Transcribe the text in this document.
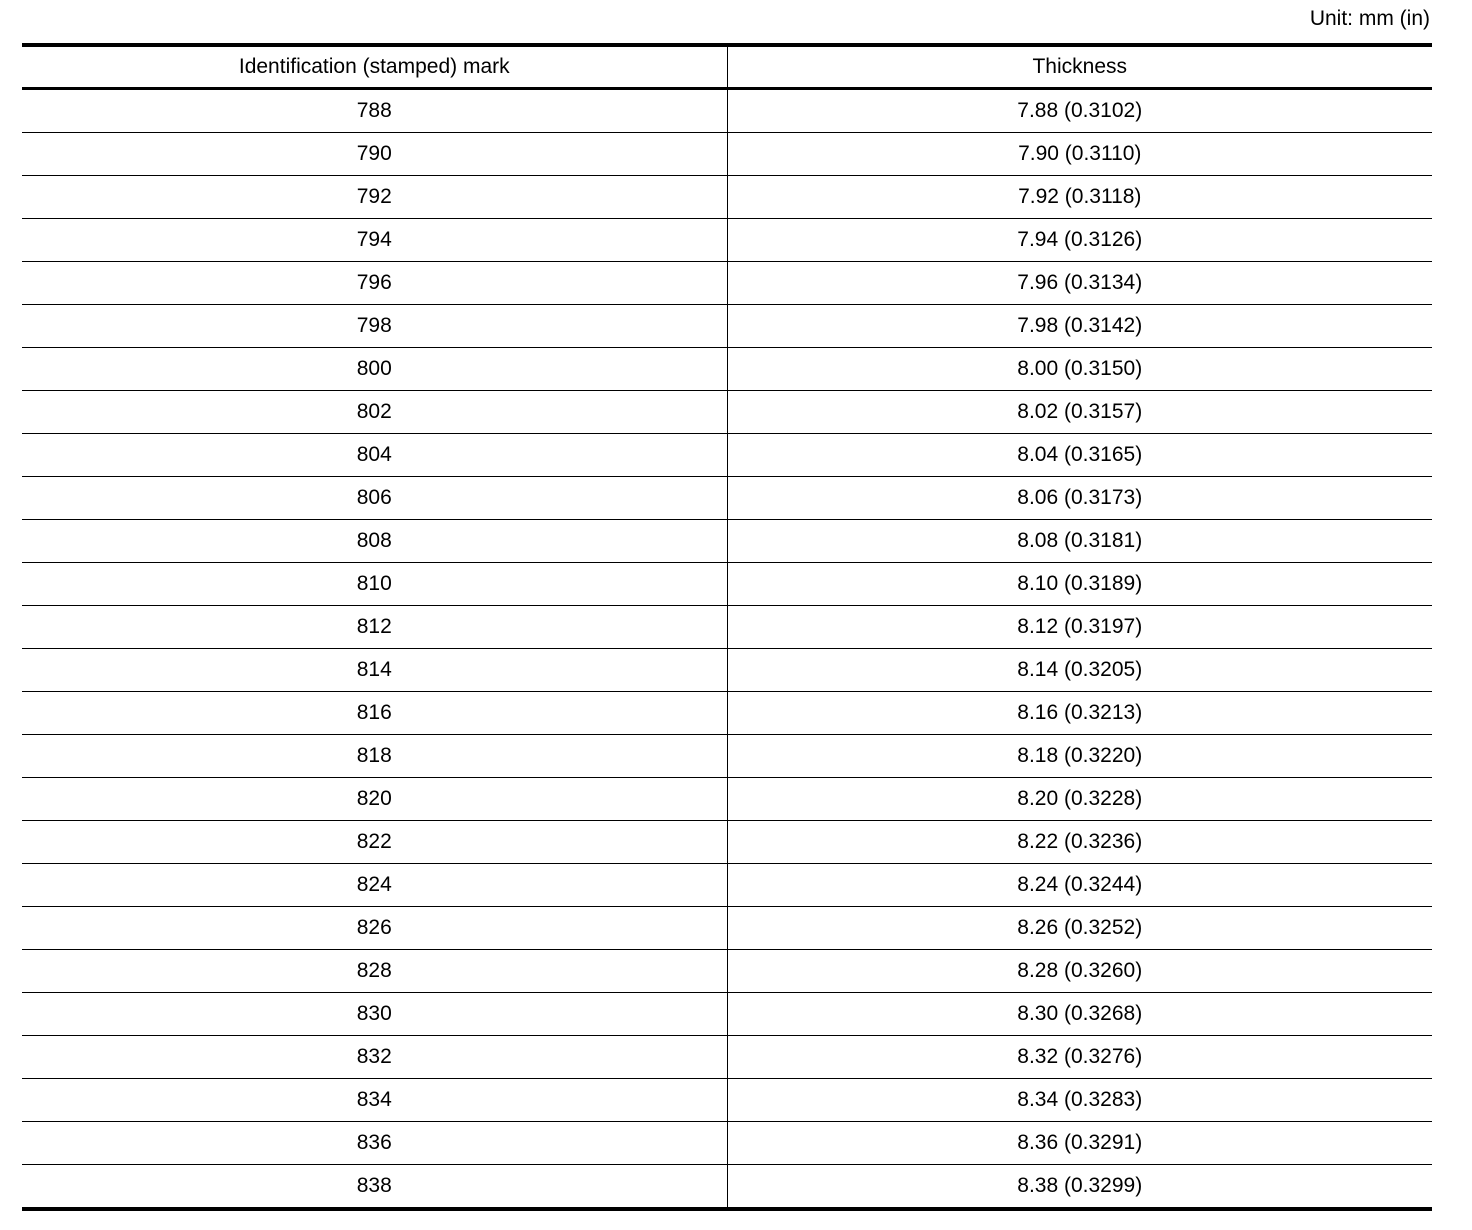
Unit: mm (in)
Identification (stamped) mark	Thickness
788	7.88 (0.3102)
790	7.90 (0.3110)
792	7.92 (0.3118)
794	7.94 (0.3126)
796	7.96 (0.3134)
798	7.98 (0.3142)
800	8.00 (0.3150)
802	8.02 (0.3157)
804	8.04 (0.3165)
806	8.06 (0.3173)
808	8.08 (0.3181)
810	8.10 (0.3189)
812	8.12 (0.3197)
814	8.14 (0.3205)
816	8.16 (0.3213)
818	8.18 (0.3220)
820	8.20 (0.3228)
822	8.22 (0.3236)
824	8.24 (0.3244)
826	8.26 (0.3252)
828	8.28 (0.3260)
830	8.30 (0.3268)
832	8.32 (0.3276)
834	8.34 (0.3283)
836	8.36 (0.3291)
838	8.38 (0.3299)
